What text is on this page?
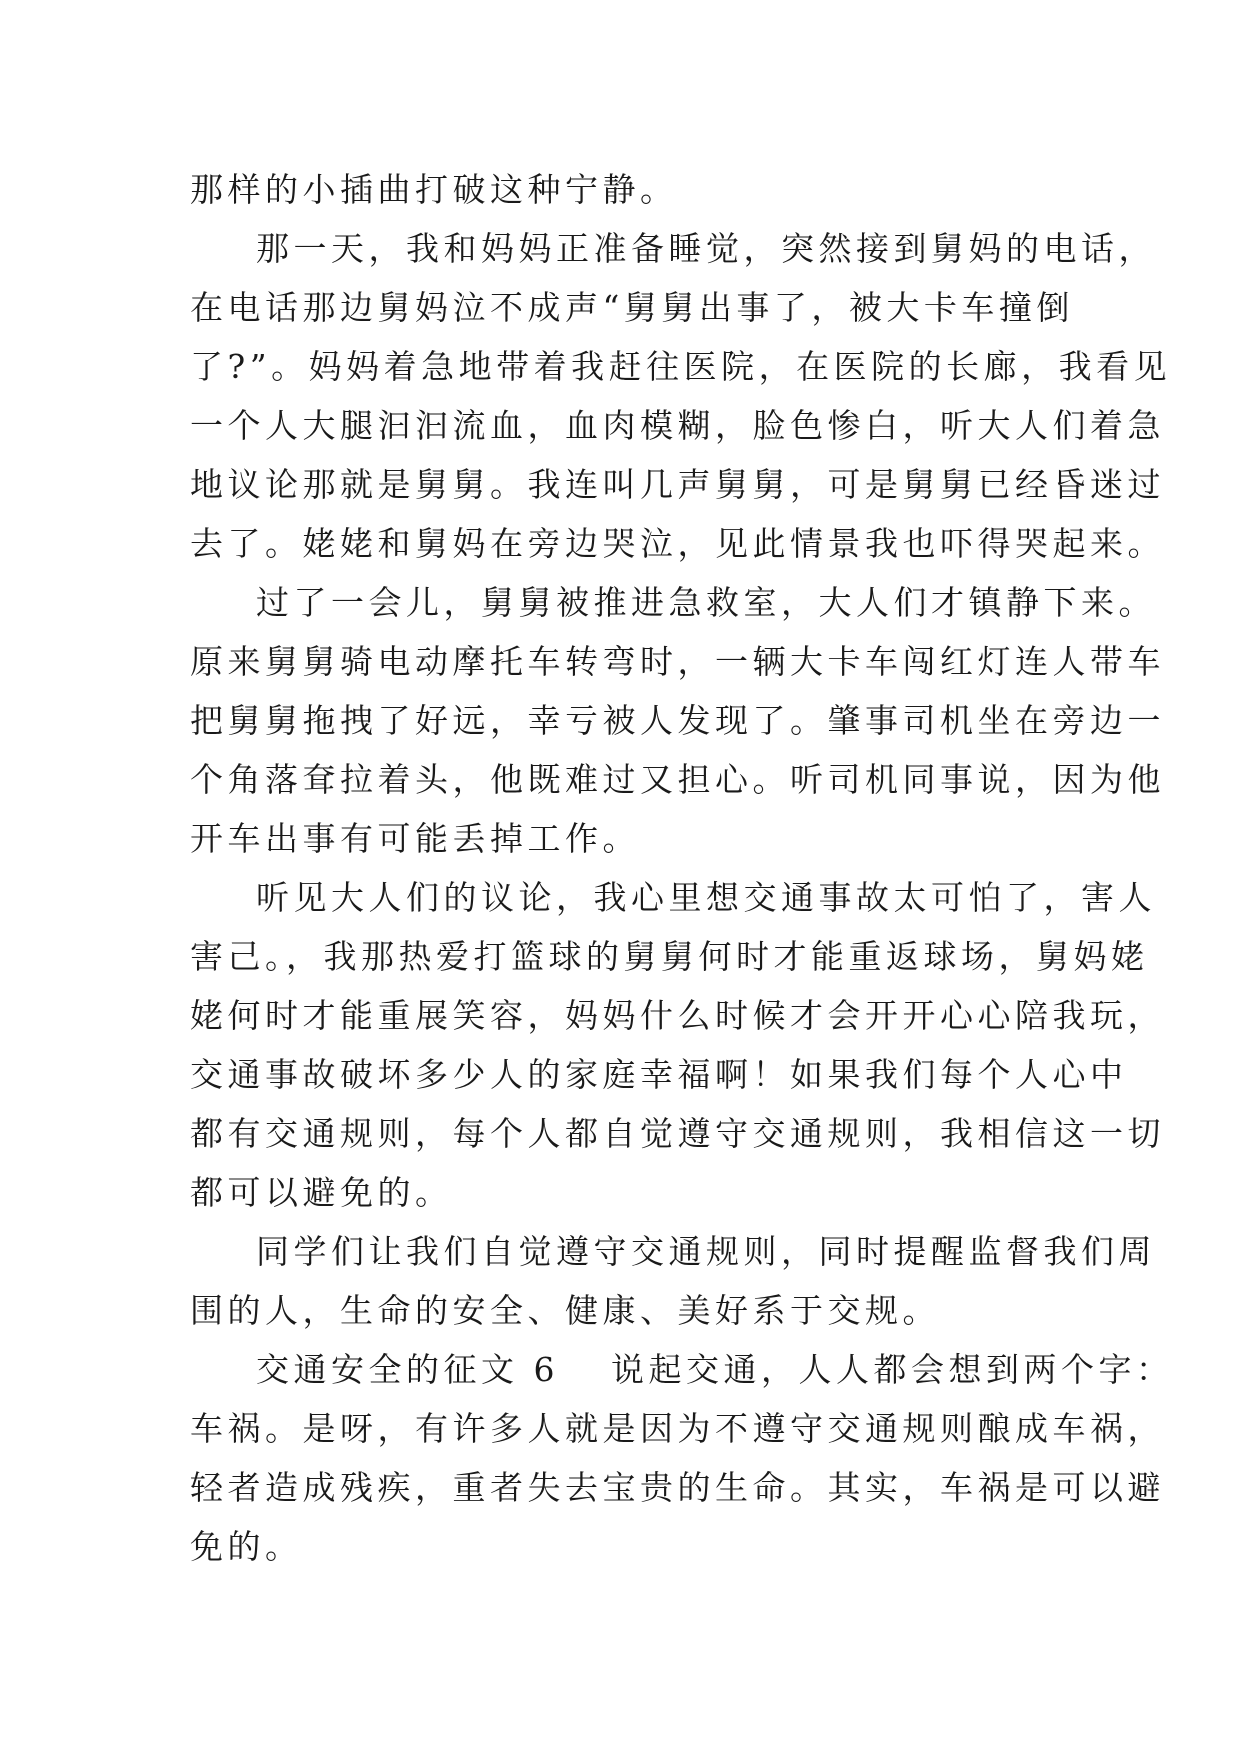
那样的小插曲打破这种宁静。
那一天，我和妈妈正准备睡觉，突然接到舅妈的电话，
在电话那边舅妈泣不成声“舅舅出事了，被大卡车撞倒
了?”。妈妈着急地带着我赶往医院，在医院的长廊，我看见
一个人大腿汩汩流血，血肉模糊，脸色惨白，听大人们着急
地议论那就是舅舅。我连叫几声舅舅，可是舅舅已经昏迷过
去了。姥姥和舅妈在旁边哭泣，见此情景我也吓得哭起来。
过了一会儿，舅舅被推进急救室，大人们才镇静下来。
原来舅舅骑电动摩托车转弯时，一辆大卡车闯红灯连人带车
把舅舅拖拽了好远，幸亏被人发现了。肇事司机坐在旁边一
个角落耷拉着头，他既难过又担心。听司机同事说，因为他
开车出事有可能丢掉工作。
听见大人们的议论，我心里想交通事故太可怕了，害人
害己。，我那热爱打篮球的舅舅何时才能重返球场，舅妈姥
姥何时才能重展笑容，妈妈什么时候才会开开心心陪我玩，
交通事故破坏多少人的家庭幸福啊！如果我们每个人心中
都有交通规则，每个人都自觉遵守交通规则，我相信这一切
都可以避免的。
同学们让我们自觉遵守交通规则，同时提醒监督我们周
围的人，生命的安全、健康、美好系于交规。
交通安全的征文 6 说起交通，人人都会想到两个字：
车祸。是呀，有许多人就是因为不遵守交通规则酿成车祸，
轻者造成残疾，重者失去宝贵的生命。其实，车祸是可以避
免的。
